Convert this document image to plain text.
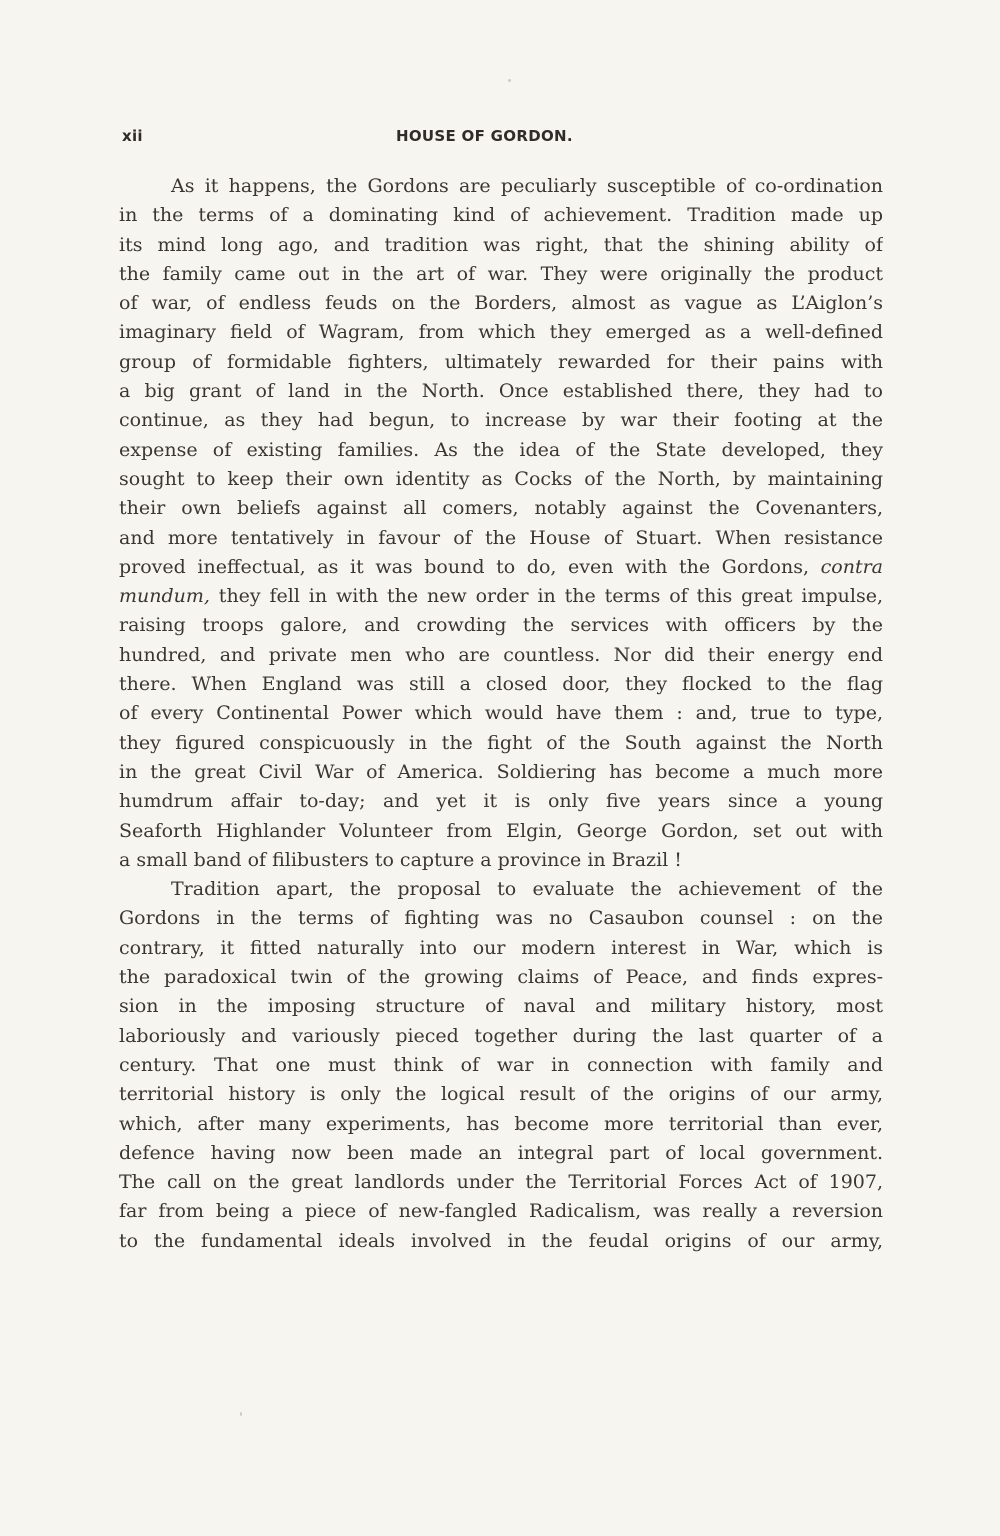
xii	HOUSE OF GORDON.
As it happens, the Gordons are peculiarly susceptible of co-ordination
in the terms of a dominating kind of achievement. Tradition made up
its mind long ago, and tradition was right, that the shining ability of
the family came out in the art of war. They were originally the product
of war, of endless feuds on the Borders, almost as vague as L’Aiglon’s
imaginary field of Wagram, from which they emerged as a well-defined
group of formidable fighters, ultimately rewarded for their pains with
a big grant of land in the North. Once established there, they had to
continue, as they had begun, to increase by war their footing at the
expense of existing families. As the idea of the State developed, they
sought to keep their own identity as Cocks of the North, by maintaining
their own beliefs against all comers, notably against the Covenanters,
and more tentatively in favour of the House of Stuart. When resistance
proved ineffectual, as it was bound to do, even with the Gordons, contra
mundum, they fell in with the new order in the terms of this great impulse,
raising troops galore, and crowding the services with officers by the
hundred, and private men who are countless. Nor did their energy end
there. When England was still a closed door, they flocked to the flag
of every Continental Power which would have them : and, true to type,
they figured conspicuously in the fight of the South against the North
in the great Civil War of America. Soldiering has become a much more
humdrum affair to-day; and yet it is only five years since a young
Seaforth Highlander Volunteer from Elgin, George Gordon, set out with
a small band of filibusters to capture a province in Brazil !
Tradition apart, the proposal to evaluate the achievement of the
Gordons in the terms of fighting was no Casaubon counsel : on the
contrary, it fitted naturally into our modern interest in War, which is
the paradoxical twin of the growing claims of Peace, and finds expres-
sion in the imposing structure of naval and military history, most
laboriously and variously pieced together during the last quarter of a
century. That one must think of war in connection with family and
territorial history is only the logical result of the origins of our army,
which, after many experiments, has become more territorial than ever,
defence having now been made an integral part of local government.
The call on the great landlords under the Territorial Forces Act of 1907,
far from being a piece of new-fangled Radicalism, was really a reversion
to the fundamental ideals involved in the feudal origins of our army,
